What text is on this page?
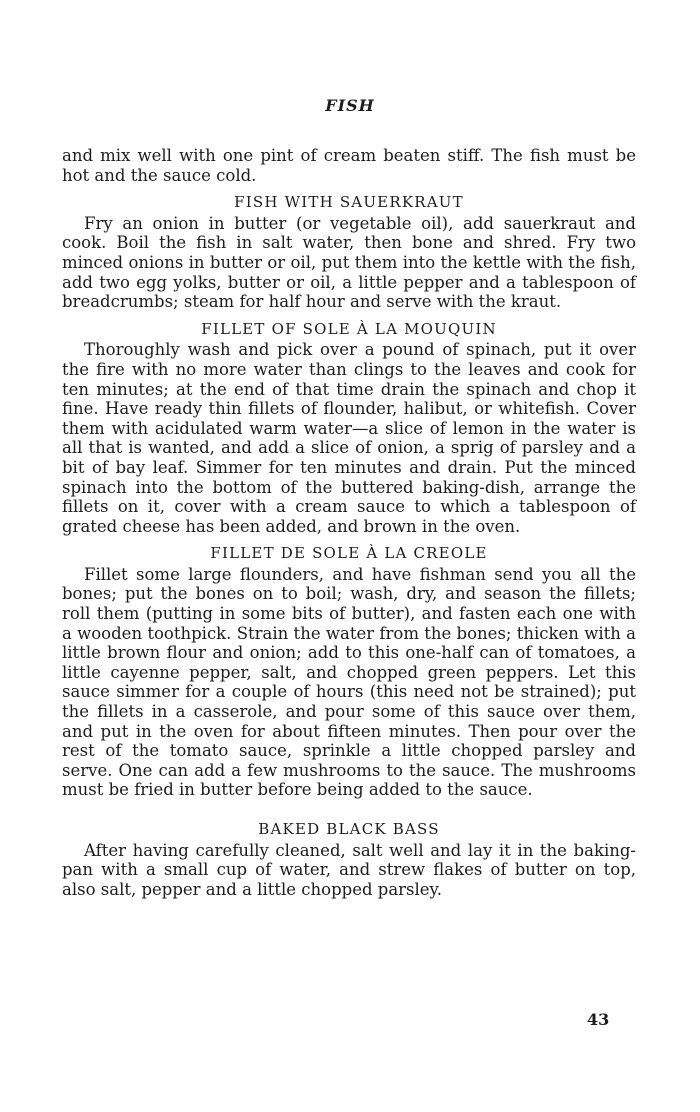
FISH

and mix well with one pint of cream beaten stiff. The fish must be hot and the sauce cold.

FISH WITH SAUERKRAUT

Fry an onion in butter (or vegetable oil), add sauerkraut and cook. Boil the fish in salt water, then bone and shred. Fry two minced onions in butter or oil, put them into the kettle with the fish, add two egg yolks, butter or oil, a little pepper and a tablespoon of breadcrumbs; steam for half hour and serve with the kraut.

FILLET OF SOLE À LA MOUQUIN

Thoroughly wash and pick over a pound of spinach, put it over the fire with no more water than clings to the leaves and cook for ten minutes; at the end of that time drain the spinach and chop it fine. Have ready thin fillets of flounder, halibut, or whitefish. Cover them with acidulated warm water—a slice of lemon in the water is all that is wanted, and add a slice of onion, a sprig of parsley and a bit of bay leaf. Simmer for ten minutes and drain. Put the minced spinach into the bottom of the buttered baking-dish, arrange the fillets on it, cover with a cream sauce to which a tablespoon of grated cheese has been added, and brown in the oven.

FILLET DE SOLE À LA CREOLE

Fillet some large flounders, and have fishman send you all the bones; put the bones on to boil; wash, dry, and season the fillets; roll them (putting in some bits of butter), and fasten each one with a wooden toothpick. Strain the water from the bones; thicken with a little brown flour and onion; add to this one-half can of tomatoes, a little cayenne pepper, salt, and chopped green peppers. Let this sauce simmer for a couple of hours (this need not be strained); put the fillets in a casserole, and pour some of this sauce over them, and put in the oven for about fifteen minutes. Then pour over the rest of the tomato sauce, sprinkle a little chopped parsley and serve. One can add a few mushrooms to the sauce. The mushrooms must be fried in butter before being added to the sauce.

BAKED BLACK BASS

After having carefully cleaned, salt well and lay it in the baking-pan with a small cup of water, and strew flakes of butter on top, also salt, pepper and a little chopped parsley.

43
